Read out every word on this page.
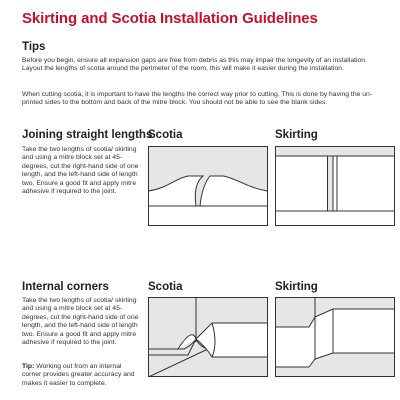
Skirting and Scotia Installation Guidelines
Tips

Before you begin, ensure all expansion gaps are free from debris as this may impair the longevity of an installation. Layout the lengths of scotia around the perimeter of the room, this will make it easier during the installation.

When cutting scotia, it is important to have the lengths the correct way prior to cutting. This is done by having the un-printed sides to the bottom and back of the mitre block. You should not be able to see the blank sides.

Joining straight lengths

Take the two lengths of scotia/ skirting and using a mitre block set at 45-degrees, cut the right-hand side of one length, and the left-hand side of length two. Ensure a good fit and apply mitre adhesive if required to the joint.

Scotia	Skirting
Internal corners

Take the two lengths of scotia/ skirting and using a mitre block set at 45-degrees, cut the right-hand side of one length, and the left-hand side of length two. Ensure a good fit and apply mitre adhesive if required to the joint.

Tip: Working out from an internal corner provides greater accuracy and makes it easier to complete.

Scotia	Skirting
